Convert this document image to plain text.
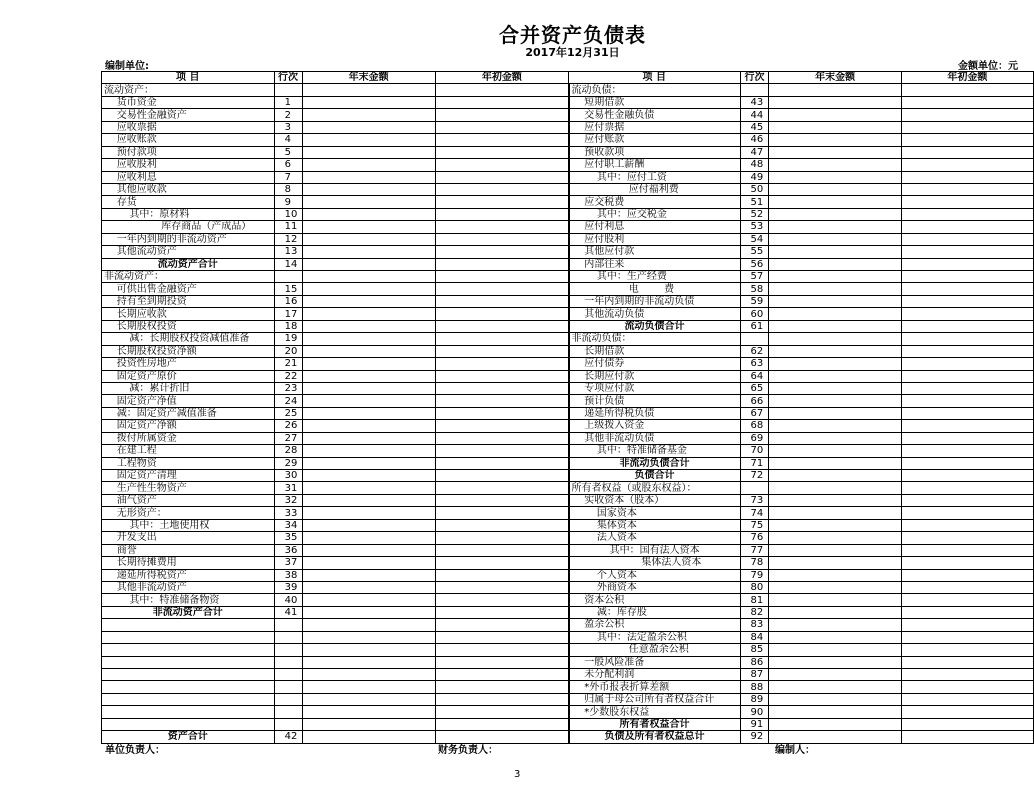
合并资产负债表
2017年12月31日
编制单位:	金额单位：元
项 目	行次	年末金额	年初金额	项 目	行次	年末金额	年初金额
流动资产：				流动负债：			
货币资金	1			短期借款	43		
交易性金融资产	2			交易性金融负债	44		
应收票据	3			应付票据	45		
应收账款	4			应付账款	46		
预付款项	5			预收款项	47		
应收股利	6			应付职工薪酬	48		
应收利息	7			其中：应付工资	49		
其他应收款	8			应付福利费	50		
存货	9			应交税费	51		
其中：原材料	10			其中：应交税金	52		
库存商品（产成品）	11			应付利息	53		
一年内到期的非流动资产	12			应付股利	54		
其他流动资产	13			其他应付款	55		
流动资产合计	14			内部往来	56		
非流动资产：				其中：生产经费	57		
可供出售金融资产	15			电        费	58		
持有至到期投资	16			一年内到期的非流动负债	59		
长期应收款	17			其他流动负债	60		
长期股权投资	18			流动负债合计	61		
减：长期股权投资减值准备	19			非流动负债：			
长期股权投资净额	20			长期借款	62		
投资性房地产	21			应付债券	63		
固定资产原价	22			长期应付款	64		
减：累计折旧	23			专项应付款	65		
固定资产净值	24			预计负债	66		
减：固定资产减值准备	25			递延所得税负债	67		
固定资产净额	26			上级拨入资金	68		
拨付所属资金	27			其他非流动负债	69		
在建工程	28			其中：特准储备基金	70		
工程物资	29			非流动负债合计	71		
固定资产清理	30			负债合计	72		
生产性生物资产	31			所有者权益（或股东权益）：			
油气资产	32			实收资本（股本）	73		
无形资产：	33			国家资本	74		
其中：土地使用权	34			集体资本	75		
开发支出	35			法人资本	76		
商誉	36			其中：国有法人资本	77		
长期待摊费用	37			集体法人资本	78		
递延所得税资产	38			个人资本	79		
其他非流动资产	39			外商资本	80		
其中：特准储备物资	40			资本公积	81		
非流动资产合计	41			减：库存股	82		
				盈余公积	83		
				其中：法定盈余公积	84		
				任意盈余公积	85		
				一般风险准备	86		
				未分配利润	87		
				*外币报表折算差额	88		
				归属于母公司所有者权益合计	89		
				*少数股东权益	90		
				所有者权益合计	91		
资产合计	42			负债及所有者权益总计	92		
单位负责人：	财务负责人：	编制人：
3
